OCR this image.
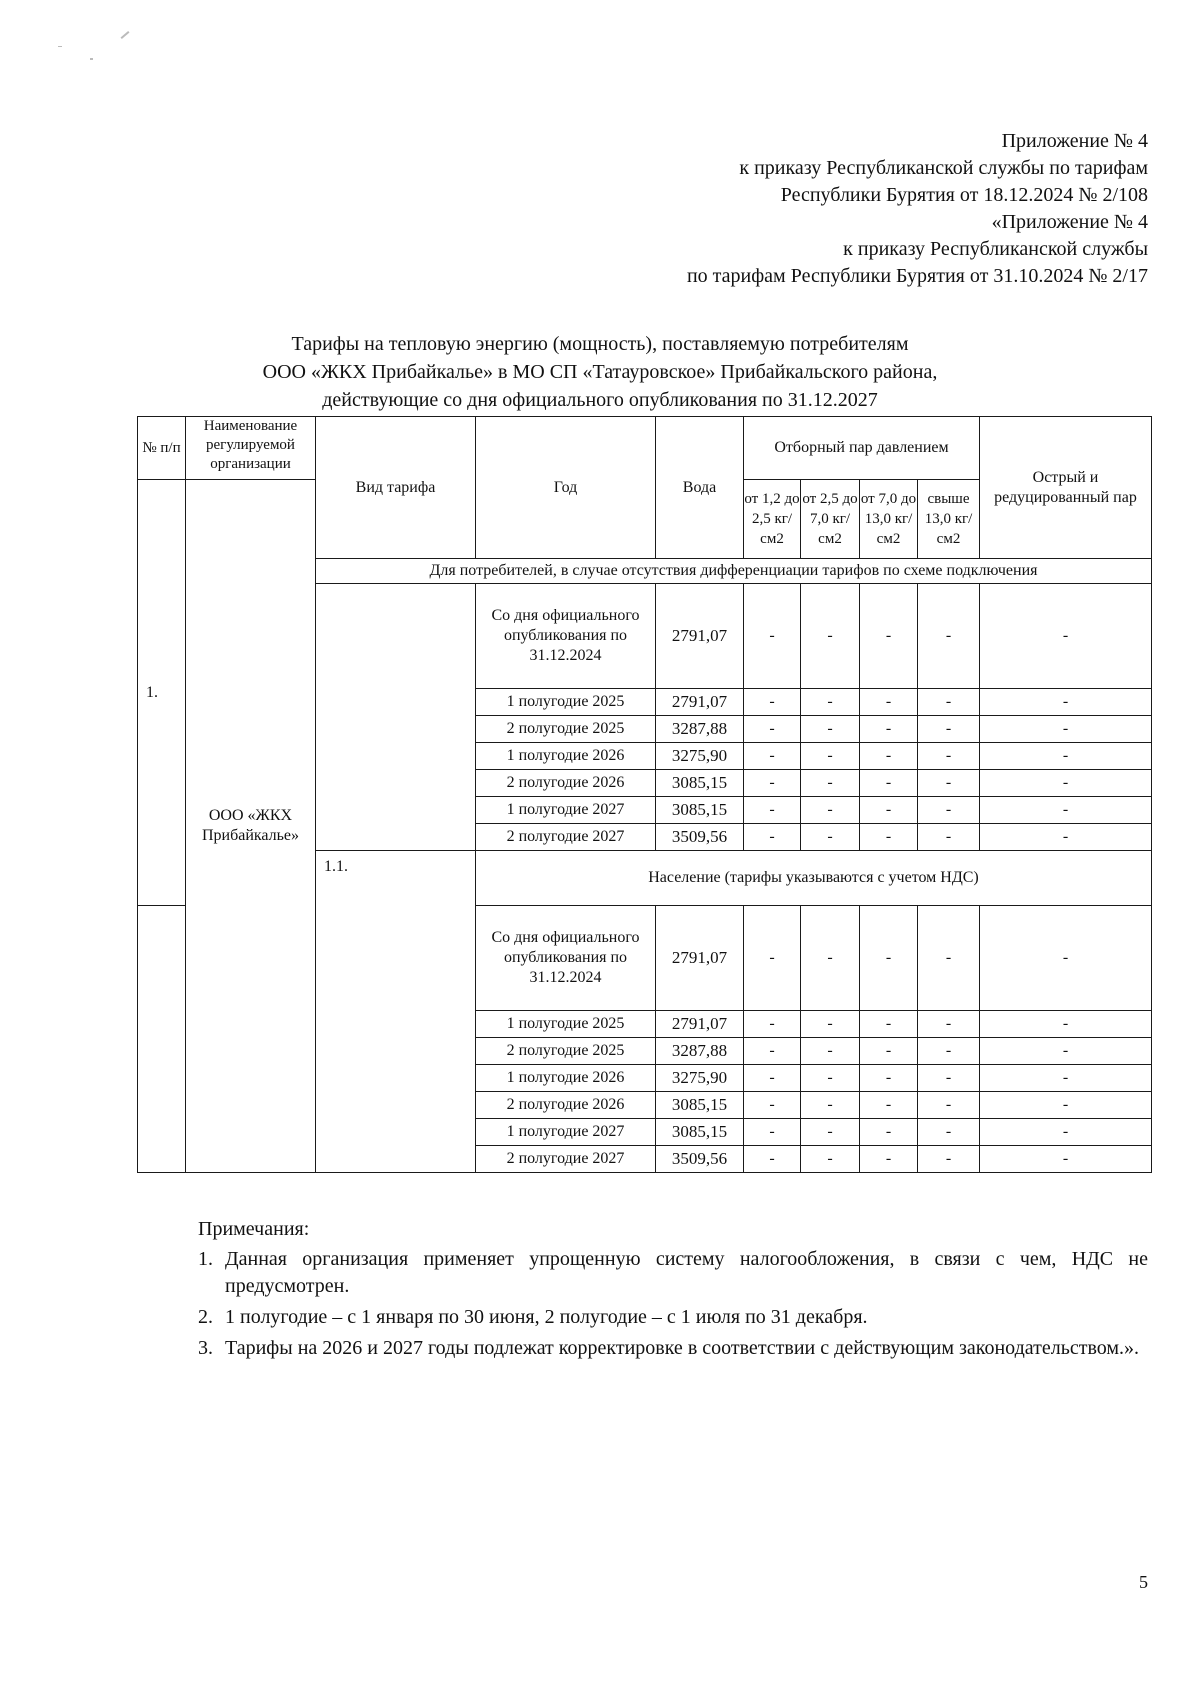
Приложение № 4
к приказу Республиканской службы по тарифам
Республики Бурятия от 18.12.2024 № 2/108
«Приложение № 4
к приказу Республиканской службы
по тарифам Республики Бурятия от 31.10.2024 № 2/17
Тарифы на тепловую энергию (мощность), поставляемую потребителям
ООО «ЖКХ Прибайкалье» в МО СП «Татауровское» Прибайкальского района,
действующие со дня официального опубликования по 31.12.2027
№ п/п	Наименование регулируемой организации	Вид тарифа	Год	Вода	Отборный пар давлением				Острый и редуцированный пар
1.	ООО «ЖКХ Прибайкалье»				от 1,2 до 2,5 кг/см2	от 2,5 до 7,0 кг/см2	от 7,0 до 13,0 кг/см2	свыше 13,0 кг/см2	
		Для потребителей, в случае отсутствия дифференциации тарифов по схеме подключения							
			Со дня официального опубликования по 31.12.2024	2791,07	-	-	-	-	-
			1 полугодие 2025	2791,07	-	-	-	-	-
			2 полугодие 2025	3287,88	-	-	-	-	-
			1 полугодие 2026	3275,90	-	-	-	-	-
			2 полугодие 2026	3085,15	-	-	-	-	-
			1 полугодие 2027	3085,15	-	-	-	-	-
			2 полугодие 2027	3509,56	-	-	-	-	-
		1.1.	Население (тарифы указываются с учетом НДС)						
			Со дня официального опубликования по 31.12.2024	2791,07	-	-	-	-	-
			1 полугодие 2025	2791,07	-	-	-	-	-
			2 полугодие 2025	3287,88	-	-	-	-	-
			1 полугодие 2026	3275,90	-	-	-	-	-
			2 полугодие 2026	3085,15	-	-	-	-	-
			1 полугодие 2027	3085,15	-	-	-	-	-
			2 полугодие 2027	3509,56	-	-	-	-	-
Примечания:
1. Данная организация применяет упрощенную систему налогообложения, в связи с чем, НДС не предусмотрен.
2. 1 полугодие – с 1 января по 30 июня, 2 полугодие – с 1 июля по 31 декабря.
3. Тарифы на 2026 и 2027 годы подлежат корректировке в соответствии с действующим законодательством.».
5
